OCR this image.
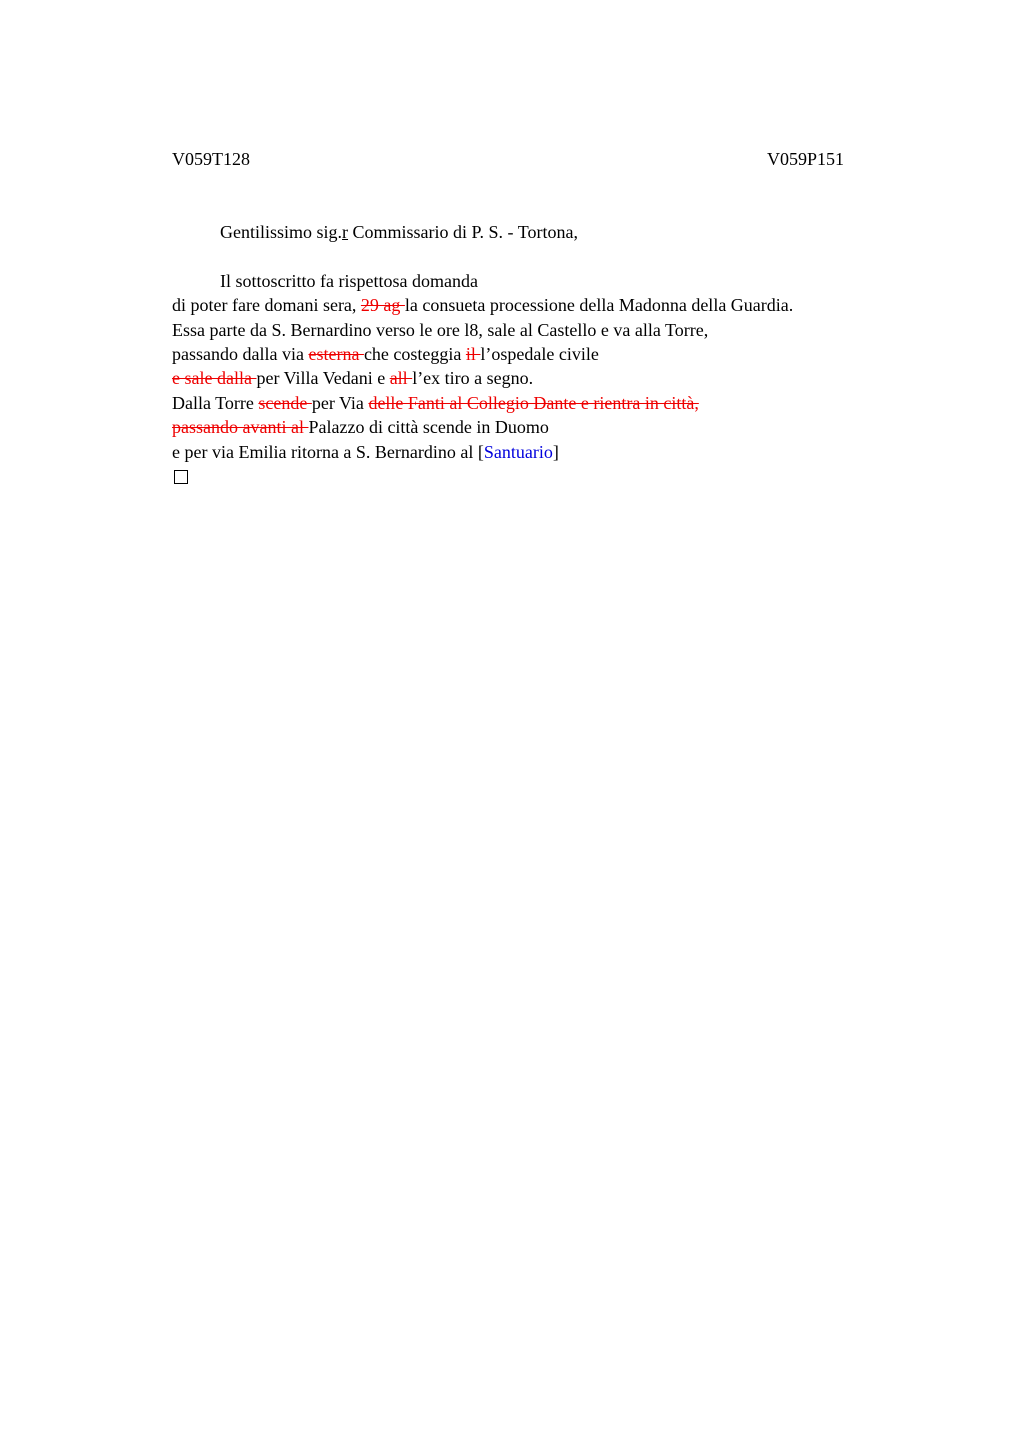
V059T128	V059P151
Gentilissimo sig.r Commissario di P. S. - Tortona,
Il sottoscritto fa rispettosa domanda
di poter fare domani sera, 29 ag la consueta processione della Madonna della Guardia.
Essa parte da S. Bernardino verso le ore l8, sale al Castello e va alla Torre,
passando dalla via esterna che costeggia il l’ospedale civile
e sale dalla per Villa Vedani e all l’ex tiro a segno.
Dalla Torre scende per Via delle Fanti al Collegio Dante e rientra in città,
passando avanti al Palazzo di città scende in Duomo
e per via Emilia ritorna a S. Bernardino al [Santuario]
